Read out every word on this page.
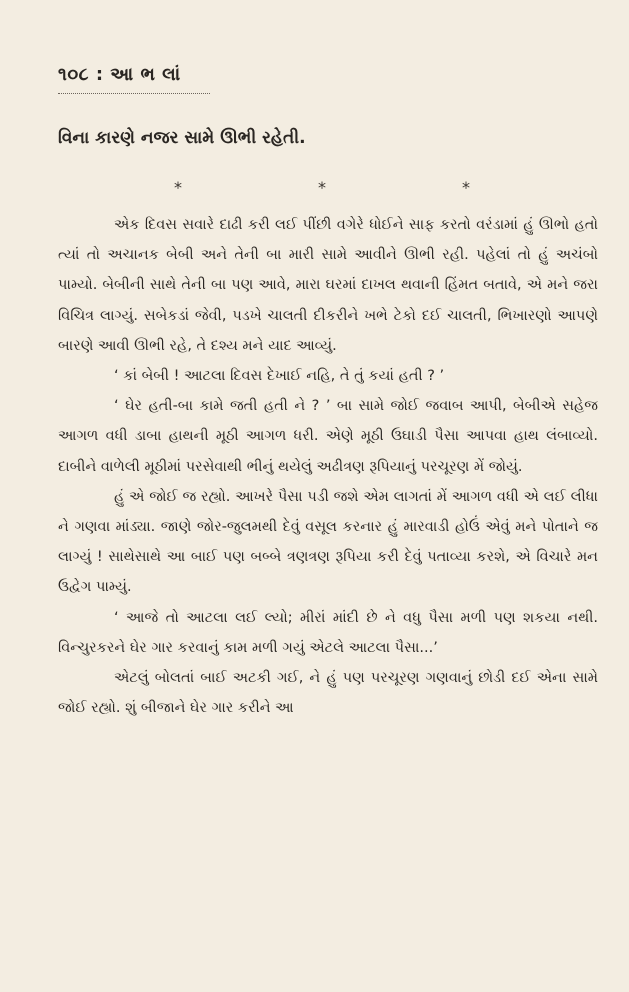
૧૦૮ : આ ભ લાં
વિના કારણે નજર સામે ઊભી રહેતી.
*	*	*

એક દિવસ સવારે દાઢી કરી લઈ પીંછી વગેરે ધોઈને સાફ કરતો વરંડામાં હું ઊભો હતો ત્યાં તો અચાનક બેબી અને તેની બા મારી સામે આવીને ઊભી રહી. પહેલાં તો હું અચંબો પામ્યો. બેબીની સાથે તેની બા પણ આવે, મારા ઘરમાં દાખલ થવાની હિંમત બતાવે, એ મને જરા વિચિત્ર લાગ્યું. સબેકડાં જેવી, પડખે ચાલતી દીકરીને ખભે ટેકો દઈ ચાલતી, ભિખારણો આપણે બારણે આવી ઊભી રહે, તે દશ્ય મને યાદ આવ્યું.

‘ કાં બેબી ! આટલા દિવસ દેખાઈ નહિ, તે તું કયાં હતી ? ’

‘ ઘેર હતી-બા કામે જતી હતી ને ? ’ બા સામે જોઈ જવાબ આપી, બેબીએ સહેજ આગળ વધી ડાબા હાથની મૂઠી આગળ ધરી. એણે મૂઠી ઉઘાડી પૈસા આપવા હાથ લંબાવ્યો. દાબીને વાળેલી મૂઠીમાં પરસેવાથી ભીનું થયેલું અઢીત્રણ રૂપિયાનું પરચૂરણ મેં જોયું.

હું એ જોઈ જ રહ્યો. આખરે પૈસા પડી જશે એમ લાગતાં મેં આગળ વધી એ લઈ લીધા ને ગણવા માંડ્યા. જાણે જોર-જુલમથી દેવું વસૂલ કરનાર હું મારવાડી હોઉં એવું મને પોતાને જ લાગ્યું ! સાથેસાથે આ બાઈ પણ બબ્બે ત્રણત્રણ રૂપિયા કરી દેવું પતાવ્યા કરશે, એ વિચારે મન ઉદ્વેગ પામ્યું.

‘ આજે તો આટલા લઈ લ્યો; મીરાં માંદી છે ને વધુ પૈસા મળી પણ શકયા નથી. વિન્ચુરકરને ઘેર ગાર કરવાનું કામ મળી ગયું એટલે આટલા પૈસા...’

એટલું બોલતાં બાઈ અટકી ગઈ, ને હું પણ પરચૂરણ ગણવાનું છોડી દઈ એના સામે જોઈ રહ્યો. શું બીજાને ઘેર ગાર કરીને આ
